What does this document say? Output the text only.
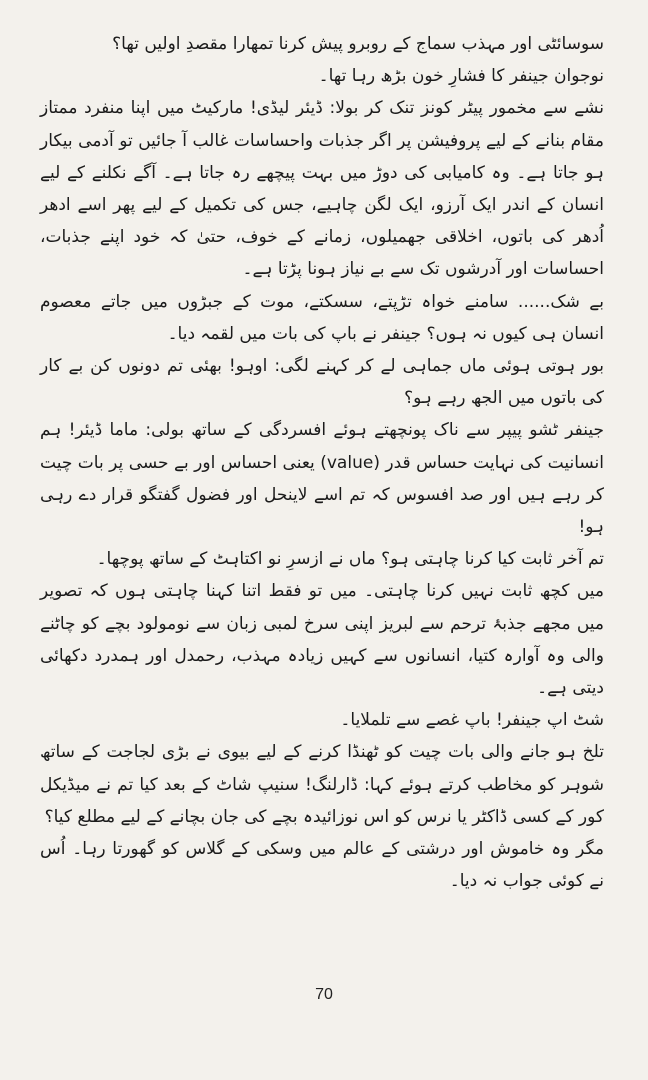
سوسائٹی اور مہذب سماج کے روبرو پیش کرنا تمھارا مقصدِ اولیں تھا؟

نوجوان جینفر کا فشارِ خون بڑھ رہا تھا۔

نشے سے مخمور پیٹر کونز تنک کر بولا: ڈیئر لیڈی! مارکیٹ میں اپنا منفرد ممتاز مقام بنانے کے لیے پروفیشن پر اگر جذبات واحساسات غالب آ جائیں تو آدمی بیکار ہو جاتا ہے۔ وہ کامیابی کی دوڑ میں بہت پیچھے رہ جاتا ہے۔ آگے نکلنے کے لیے انسان کے اندر ایک آرزو، ایک لگن چاہیے، جس کی تکمیل کے لیے پھر اسے ادھر اُدھر کی باتوں، اخلاقی جھمیلوں، زمانے کے خوف، حتیٰ کہ خود اپنے جذبات، احساسات اور آدرشوں تک سے بے نیاز ہونا پڑتا ہے۔

بے شک...... سامنے خواہ تڑپتے، سسکتے، موت کے جبڑوں میں جاتے معصوم انسان ہی کیوں نہ ہوں؟ جینفر نے باپ کی بات میں لقمہ دیا۔

بور ہوتی ہوئی ماں جماہی لے کر کہنے لگی: اوہو! بھئی تم دونوں کن بے کار کی باتوں میں الجھ رہے ہو؟

جینفر ٹشو پیپر سے ناک پونچھتے ہوئے افسردگی کے ساتھ بولی: ماما ڈیئر! ہم انسانیت کی نہایت حساس قدر (value) یعنی احساس اور بے حسی پر بات چیت کر رہے ہیں اور صد افسوس کہ تم اسے لاینحل اور فضول گفتگو قرار دے رہی ہو!

تم آخر ثابت کیا کرنا چاہتی ہو؟ ماں نے ازسرِ نو اکتاہٹ کے ساتھ پوچھا۔

میں کچھ ثابت نہیں کرنا چاہتی۔ میں تو فقط اتنا کہنا چاہتی ہوں کہ تصویر میں مجھے جذبۂ ترحم سے لبریز اپنی سرخ لمبی زبان سے نومولود بچے کو چاٹنے والی وہ آوارہ کتیا، انسانوں سے کہیں زیادہ مہذب، رحمدل اور ہمدرد دکھائی دیتی ہے۔

شٹ اپ جینفر! باپ غصے سے تلملایا۔

تلخ ہو جانے والی بات چیت کو ٹھنڈا کرنے کے لیے بیوی نے بڑی لجاجت کے ساتھ شوہر کو مخاطب کرتے ہوئے کہا: ڈارلنگ! سنیپ شاٹ کے بعد کیا تم نے میڈیکل کور کے کسی ڈاکٹر یا نرس کو اس نوزائیدہ بچے کی جان بچانے کے لیے مطلع کیا؟

مگر وہ خاموش اور درشتی کے عالم میں وسکی کے گلاس کو گھورتا رہا۔ اُس نے کوئی جواب نہ دیا۔

70
